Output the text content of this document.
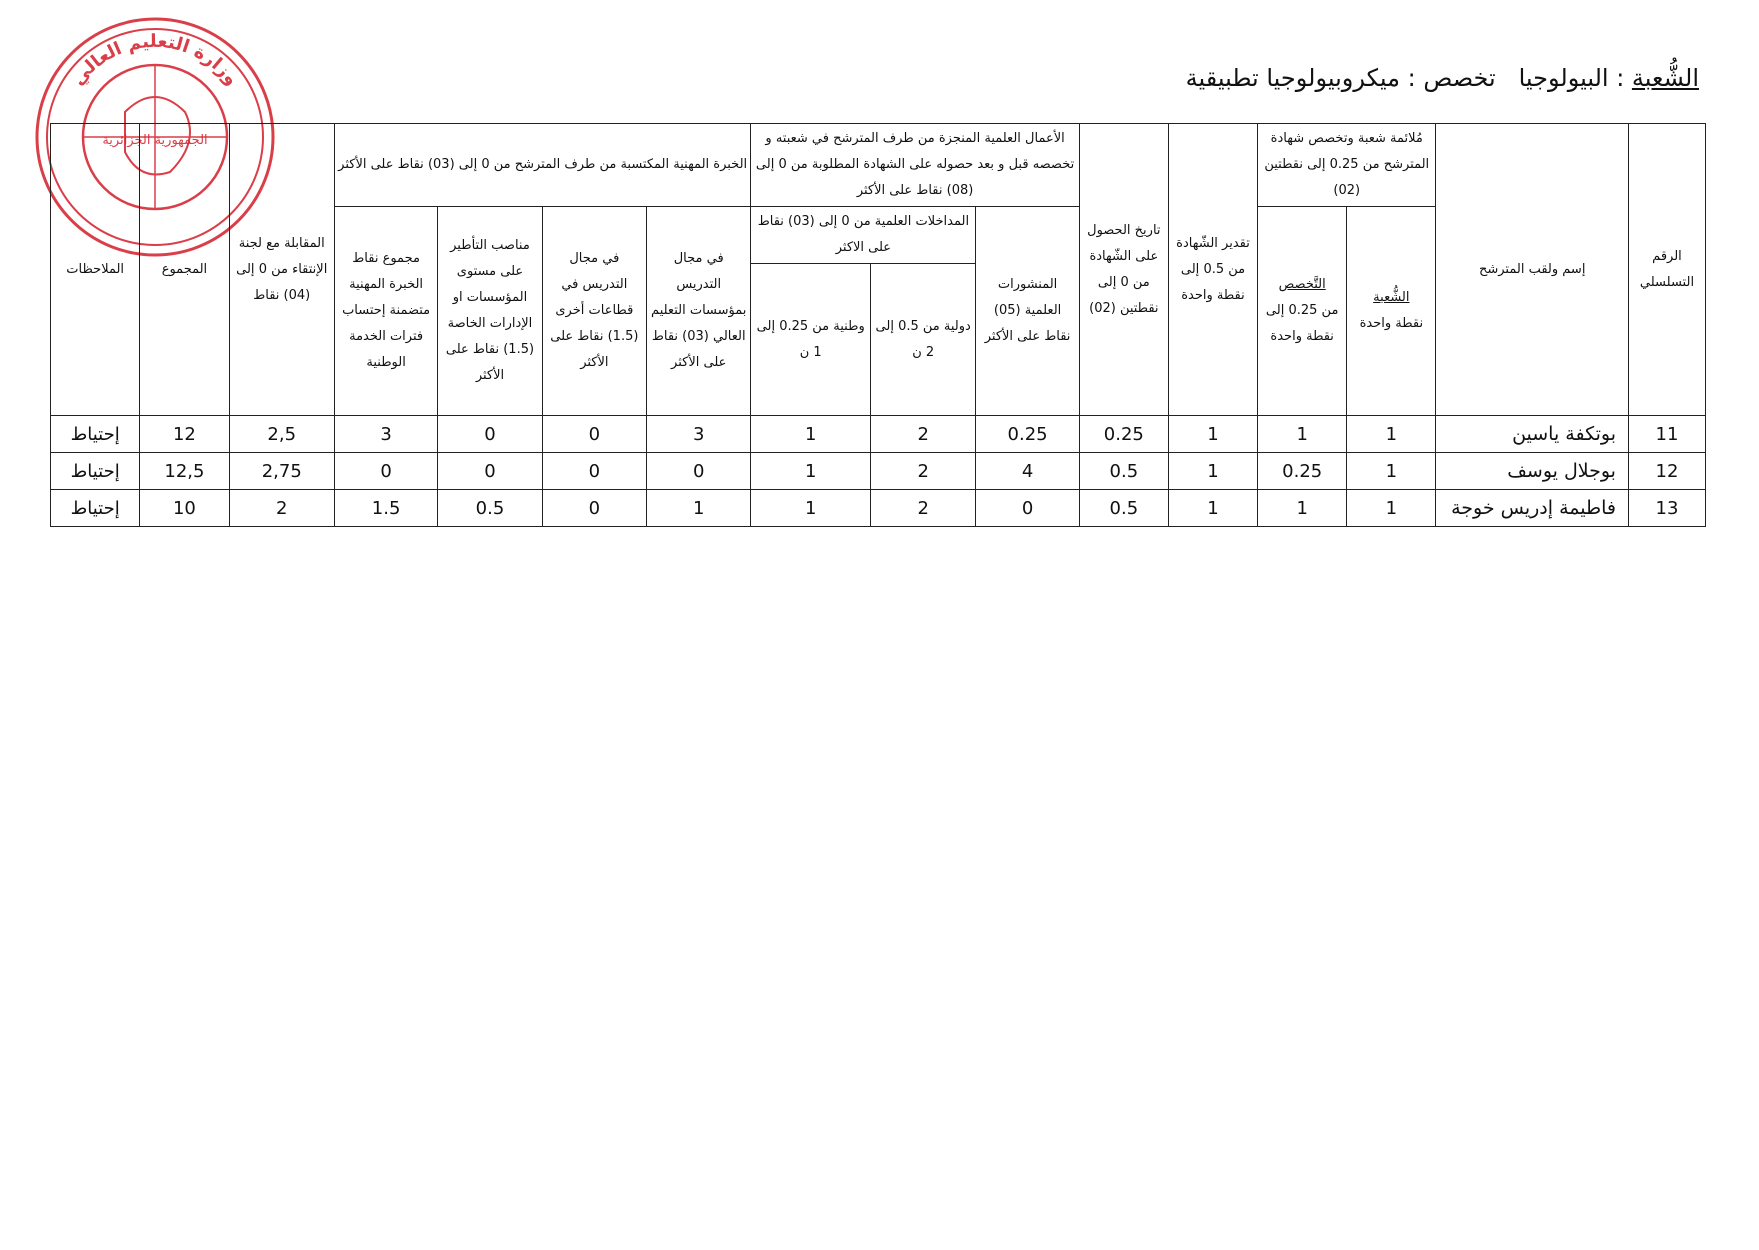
الشُّعبة : البيولوجيا   تخصص : ميكروبيولوجيا تطبيقية
وزارة التعليم العالي
الجمهورية الجزائرية
الرقم التسلسلي	إسم ولقب المترشح	مُلائمة شعبة وتخصص شهادة المترشح من 0.25 إلى نقطتين (02)		تقدير الشّهادة من 0.5 إلى نقطة واحدة	تاريخ الحصول على الشّهادة من 0 إلى نقطتين (02)	الأعمال العلمية المنجزة من طرف المترشح في شعبته و تخصصه قبل و بعد حصوله على الشهادة المطلوبة من 0 إلى (08) نقاط على الأكثر			الخبرة المهنية المكتسبة من طرف المترشح من 0 إلى (03) نقاط على الأكثر				المقابلة مع لجنة الإنتقاء من 0 إلى (04) نقاط	المجموع	الملاحظات
		الشُّعبة
نقطة واحدة	التَّخصص
من 0.25 إلى نقطة واحدة			المنشورات العلمية (05) نقاط على الأكثر	المداخلات العلمية من 0 إلى (03) نقاط على الاكثر		في مجال التدريس بمؤسسات التعليم العالي (03) نقاط على الأكثر	في مجال التدريس في قطاعات أخرى (1.5) نقاط على الأكثر	مناصب التأطير على مستوى المؤسسات او الإدارات الخاصة (1.5) نقاط على الأكثر	مجموع نقاط الخبرة المهنية متضمنة إحتساب فترات الخدمة الوطنية			
							دولية من 0.5 إلى 2 ن	وطنية من 0.25 إلى 1 ن							
11	بوتكفة ياسين	1	1	1	0.25	0.25	2	1	3	0	0	3	2,5	12	إحتياط
12	بوجلال يوسف	1	0.25	1	0.5	4	2	1	0	0	0	0	2,75	12,5	إحتياط
13	فاطيمة إدريس خوجة	1	1	1	0.5	0	2	1	1	0	0.5	1.5	2	10	إحتياط
